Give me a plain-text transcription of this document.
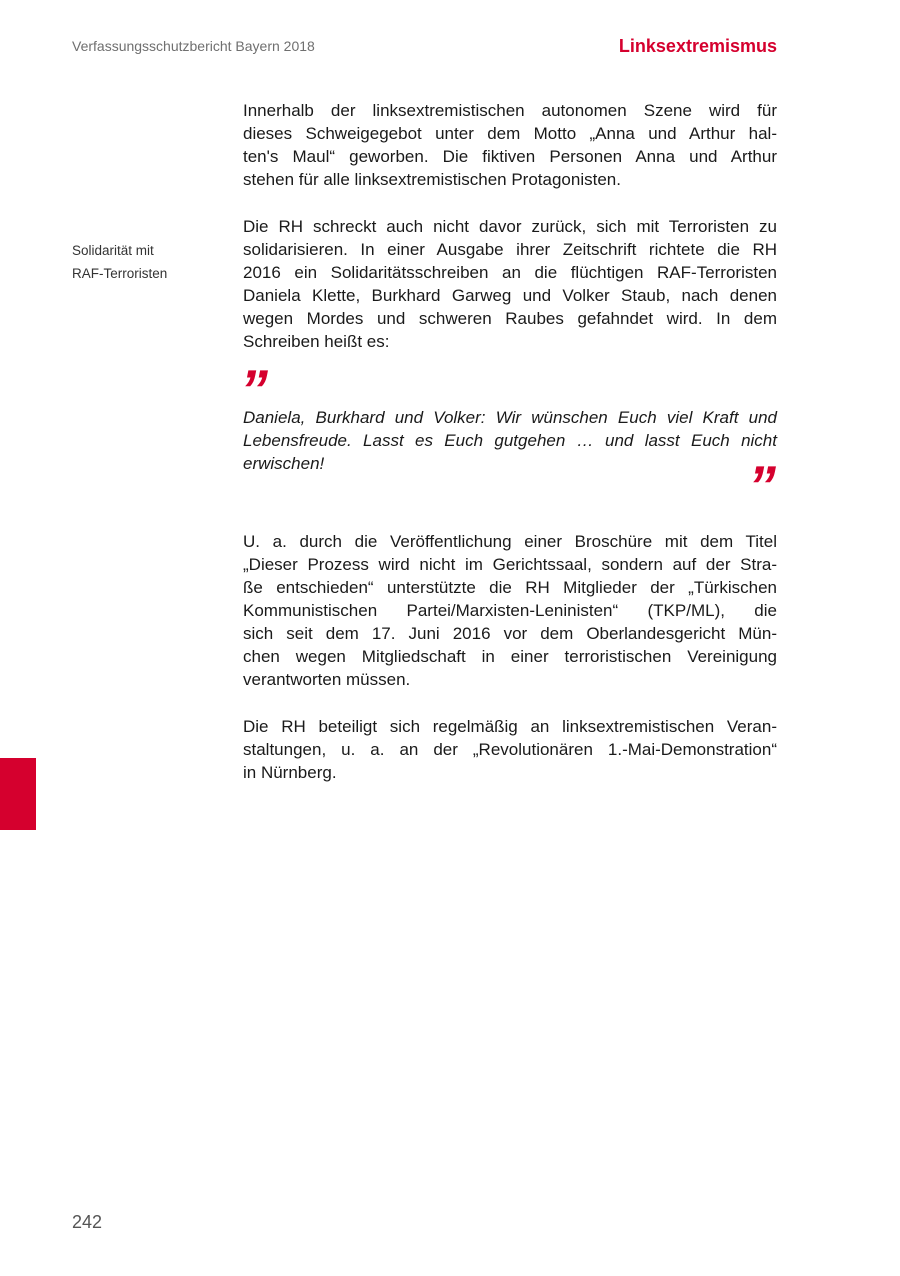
Verfassungsschutzbericht Bayern 2018	Linksextremismus
Solidarität mit
RAF-Terroristen
Innerhalb der linksextremistischen autonomen Szene wird für
dieses Schweigegebot unter dem Motto „Anna und Arthur hal-
ten's Maul“ geworben. Die fiktiven Personen Anna und Arthur
stehen für alle linksextremistischen Protagonisten.
Die RH schreckt auch nicht davor zurück, sich mit Terroristen zu
solidarisieren. In einer Ausgabe ihrer Zeitschrift richtete die RH
2016 ein Solidaritätsschreiben an die flüchtigen RAF-Terroristen
Daniela Klette, Burkhard Garweg und Volker Staub, nach denen
wegen Mordes und schweren Raubes gefahndet wird. In dem
Schreiben heißt es:
”
Daniela, Burkhard und Volker: Wir wünschen Euch viel Kraft und
Lebensfreude. Lasst es Euch gutgehen … und lasst Euch nicht
erwischen!	”
U. a. durch die Veröffentlichung einer Broschüre mit dem Titel
„Dieser Prozess wird nicht im Gerichtssaal, sondern auf der Stra-
ße entschieden“ unterstützte die RH Mitglieder der „Türkischen
Kommunistischen Partei/Marxisten-Leninisten“ (TKP/ML), die
sich seit dem 17. Juni 2016 vor dem Oberlandesgericht Mün-
chen wegen Mitgliedschaft in einer terroristischen Vereinigung
verantworten müssen.
Die RH beteiligt sich regelmäßig an linksextremistischen Veran-
staltungen, u. a. an der „Revolutionären 1.-Mai-Demonstration“
in Nürnberg.
242
